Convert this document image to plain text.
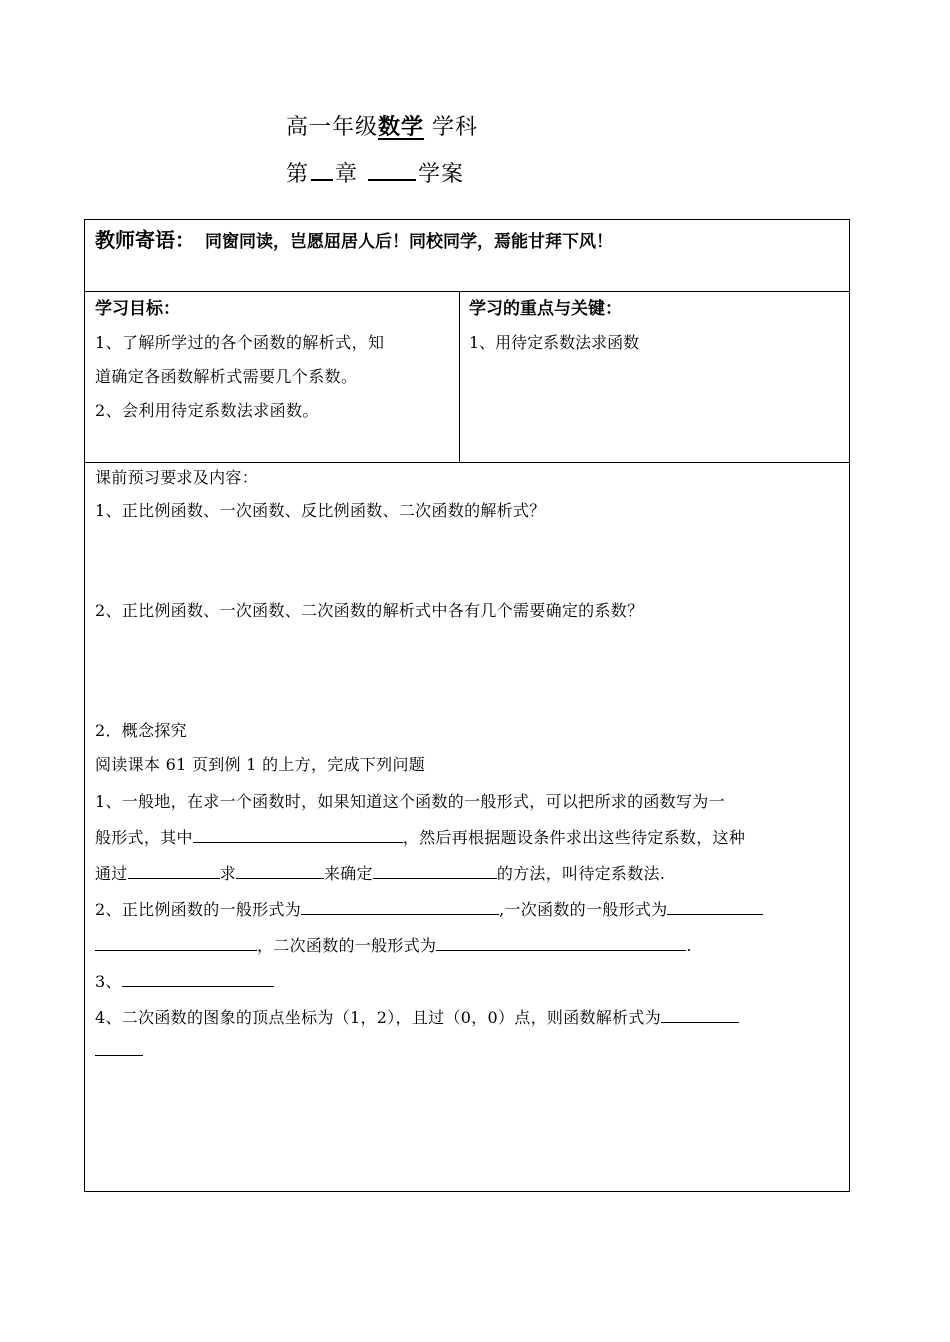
高一年级数学 学科
第 章	学案
教师寄语： 同窗同读，岂愿屈居人后！同校同学，焉能甘拜下风！
学习目标：
1、了解所学过的各个函数的解析式，知
道确定各函数解析式需要几个系数。
2、会利用待定系数法求函数。
学习的重点与关键：
1、用待定系数法求函数
课前预习要求及内容：
1、正比例函数、一次函数、反比例函数、二次函数的解析式？
2、正比例函数、一次函数、二次函数的解析式中各有几个需要确定的系数？
2．概念探究
阅读课本 61 页到例 1 的上方，完成下列问题
1、一般地，在求一个函数时，如果知道这个函数的一般形式，可以把所求的函数写为一
般形式，其中	，然后再根据题设条件求出这些待定系数，这种
通过	求	来确定	的方法，叫待定系数法.
2、正比例函数的一般形式为	,一次函数的一般形式为
，二次函数的一般形式为	.
3、
4、二次函数的图象的顶点坐标为（1，2），且过（0，0）点，则函数解析式为
